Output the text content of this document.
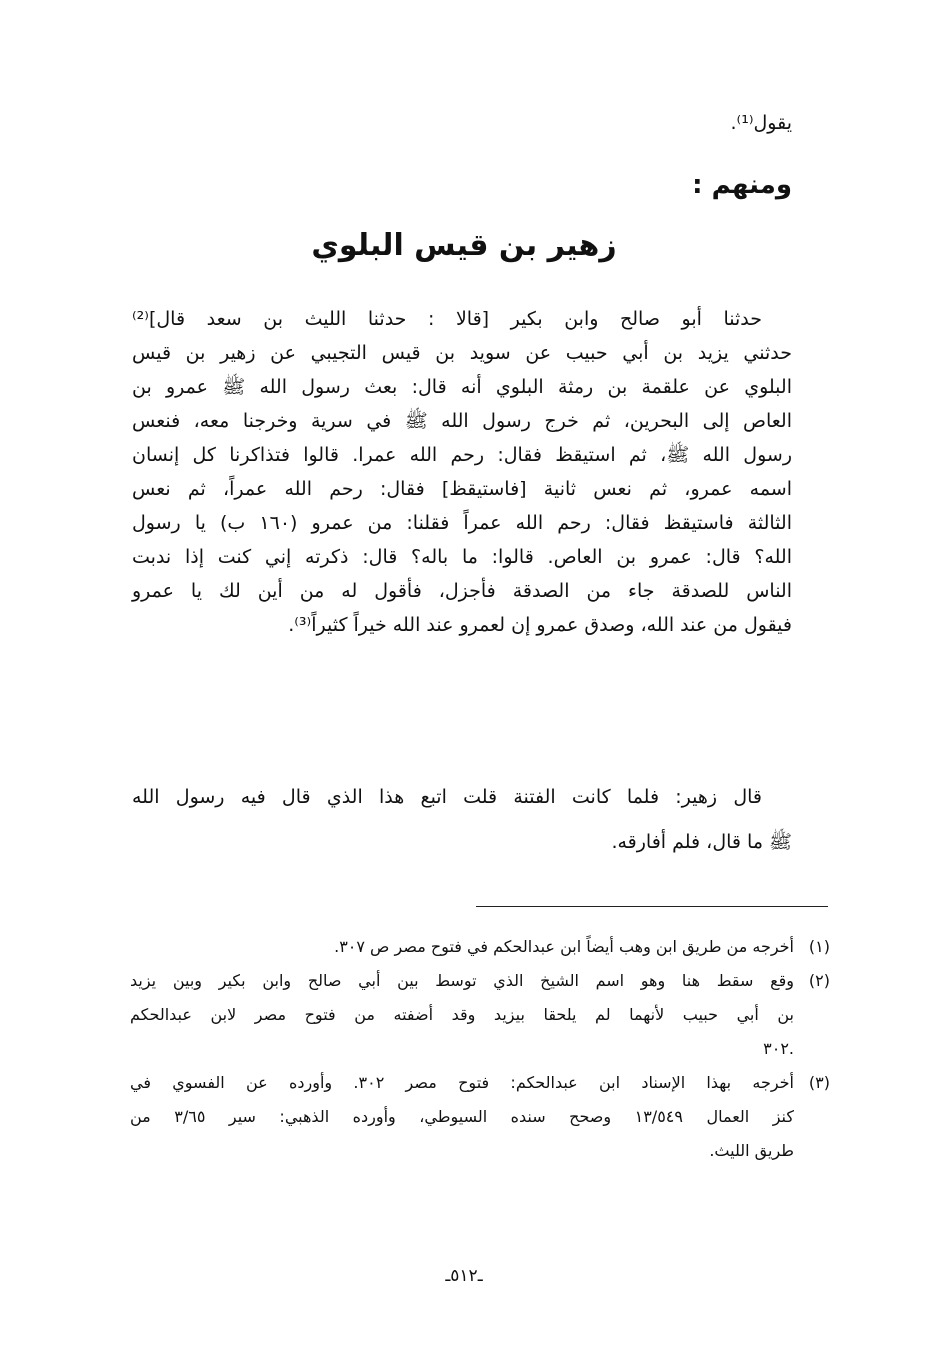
يقول⁽¹⁾.
ومنهم :
زهير بن قيس البلوي
حدثنا أبو صالح وابن بكير [قالا : حدثنا الليث بن سعد قال]⁽²⁾
حدثني يزيد بن أبي حبيب عن سويد بن قيس التجيبي عن زهير بن قيس
البلوي عن علقمة بن رمثة البلوي أنه قال: بعث رسول الله ﷺ عمرو بن
العاص إلى البحرين، ثم خرج رسول الله ﷺ في سرية وخرجنا معه، فنعس
رسول الله ﷺ، ثم استيقظ فقال: رحم الله عمرا. قالوا فتذاكرنا كل إنسان
اسمه عمرو، ثم نعس ثانية [فاستيقظ] فقال: رحم الله عمراً، ثم نعس
الثالثة فاستيقظ فقال: رحم الله عمراً فقلنا: من عمرو (١٦٠ ب) يا رسول
الله؟ قال: عمرو بن العاص. قالوا: ما باله؟ قال: ذكرته إني كنت إذا ندبت
الناس للصدقة جاء من الصدقة فأجزل، فأقول له من أين لك يا عمرو
فيقول من عند الله، وصدق عمرو إن لعمرو عند الله خيراً كثيراً⁽³⁾.
قال زهير: فلما كانت الفتنة قلت اتبع هذا الذي قال فيه رسول الله
ﷺ ما قال، فلم أفارقه.
(١)
أخرجه من طريق ابن وهب أيضاً ابن عبدالحكم في فتوح مصر ص ٣٠٧.
(٢)
وقع سقط هنا وهو اسم الشيخ الذي توسط بين أبي صالح وابن بكير وبين يزيد
بن أبي حبيب لأنهما لم يلحقا بيزيد وقد أضفته من فتوح مصر لابن عبدالحكم
.٣٠٢
(٣)
أخرجه بهذا الإسناد ابن عبدالحكم: فتوح مصر ٣٠٢. وأورده عن الفسوي في
كنز العمال ١٣/٥٤٩ وصحح سنده السيوطي، وأورده الذهبي: سير ٣/٦٥ من
طريق الليث.
ـ٥١٢ـ
